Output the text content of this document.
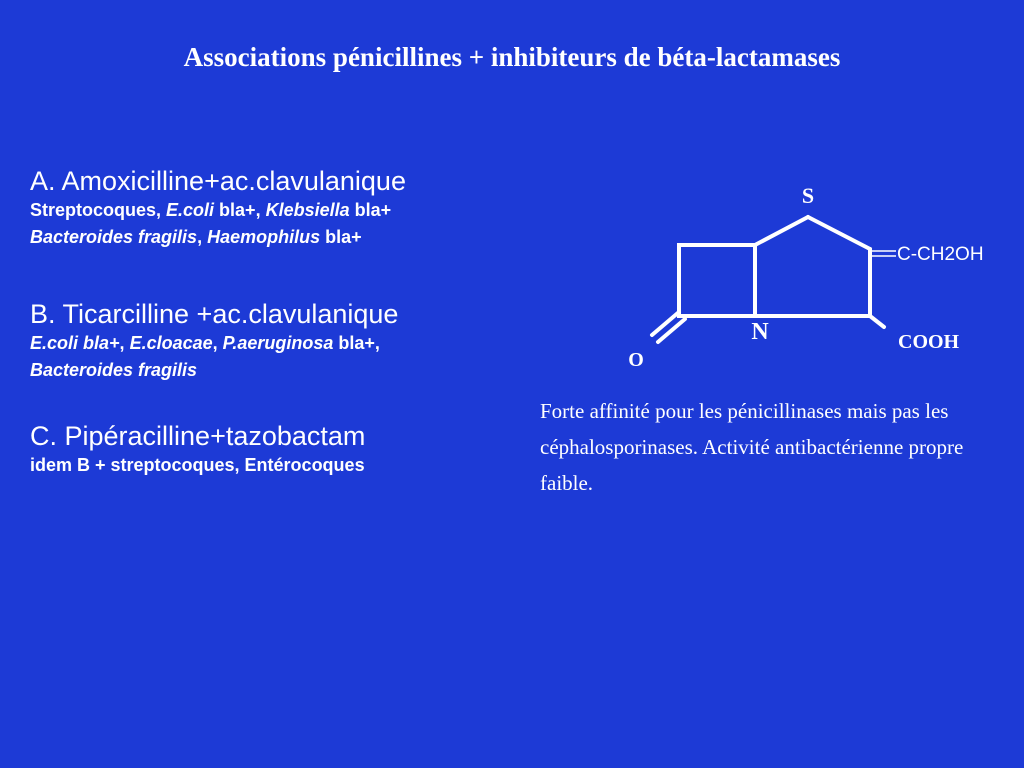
Associations pénicillines + inhibiteurs de béta-lactamases
A. Amoxicilline+ac.clavulanique
Streptocoques, E.coli bla+, Klebsiella bla+
Bacteroides fragilis, Haemophilus bla+
B. Ticarcilline +ac.clavulanique
E.coli bla+, E.cloacae, P.aeruginosa bla+,
Bacteroides fragilis
C. Pipéracilline+tazobactam
idem B + streptocoques, Entérocoques
S
N
O
C-CH2OH
COOH
Forte affinité pour les pénicillinases mais pas les céphalosporinases. Activité antibactérienne propre faible.
